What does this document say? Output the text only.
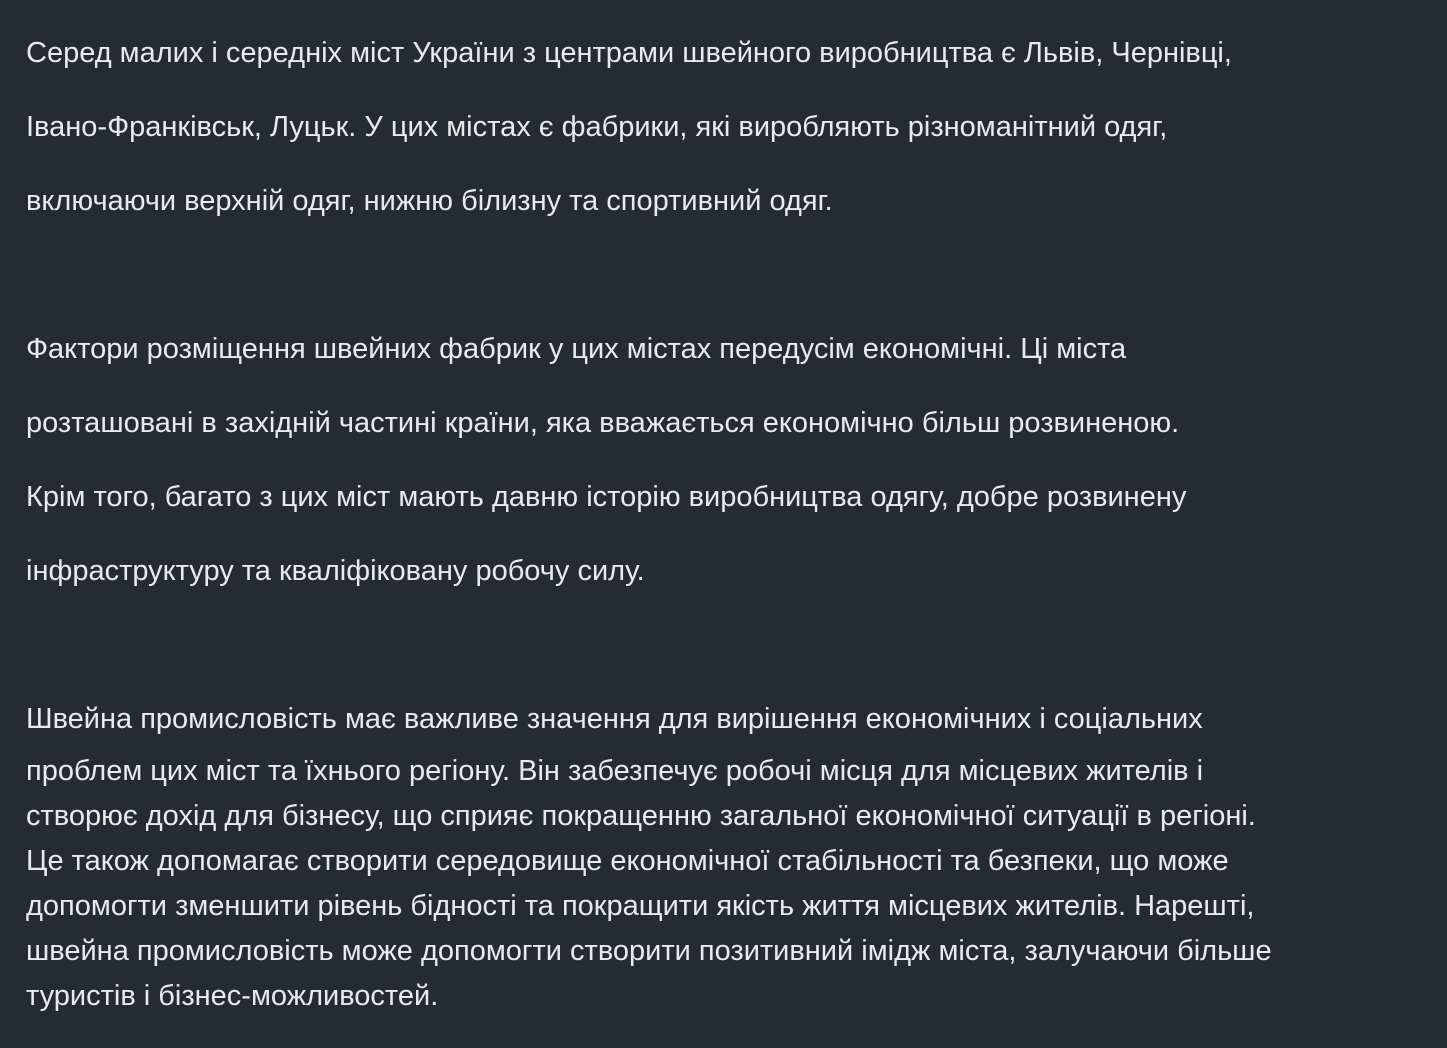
Серед малих і середніх міст України з центрами швейного виробництва є Львів, Чернівці,
Івано-Франківськ, Луцьк. У цих містах є фабрики, які виробляють різноманітний одяг,
включаючи верхній одяг, нижню білизну та спортивний одяг.
Фактори розміщення швейних фабрик у цих містах передусім економічні. Ці міста
розташовані в західній частині країни, яка вважається економічно більш розвиненою.
Крім того, багато з цих міст мають давню історію виробництва одягу, добре розвинену
інфраструктуру та кваліфіковану робочу силу.
Швейна промисловість має важливе значення для вирішення економічних і соціальних
проблем цих міст та їхнього регіону. Він забезпечує робочі місця для місцевих жителів і
створює дохід для бізнесу, що сприяє покращенню загальної економічної ситуації в регіоні.
Це також допомагає створити середовище економічної стабільності та безпеки, що може
допомогти зменшити рівень бідності та покращити якість життя місцевих жителів. Нарешті,
швейна промисловість може допомогти створити позитивний імідж міста, залучаючи більше
туристів і бізнес-можливостей.
